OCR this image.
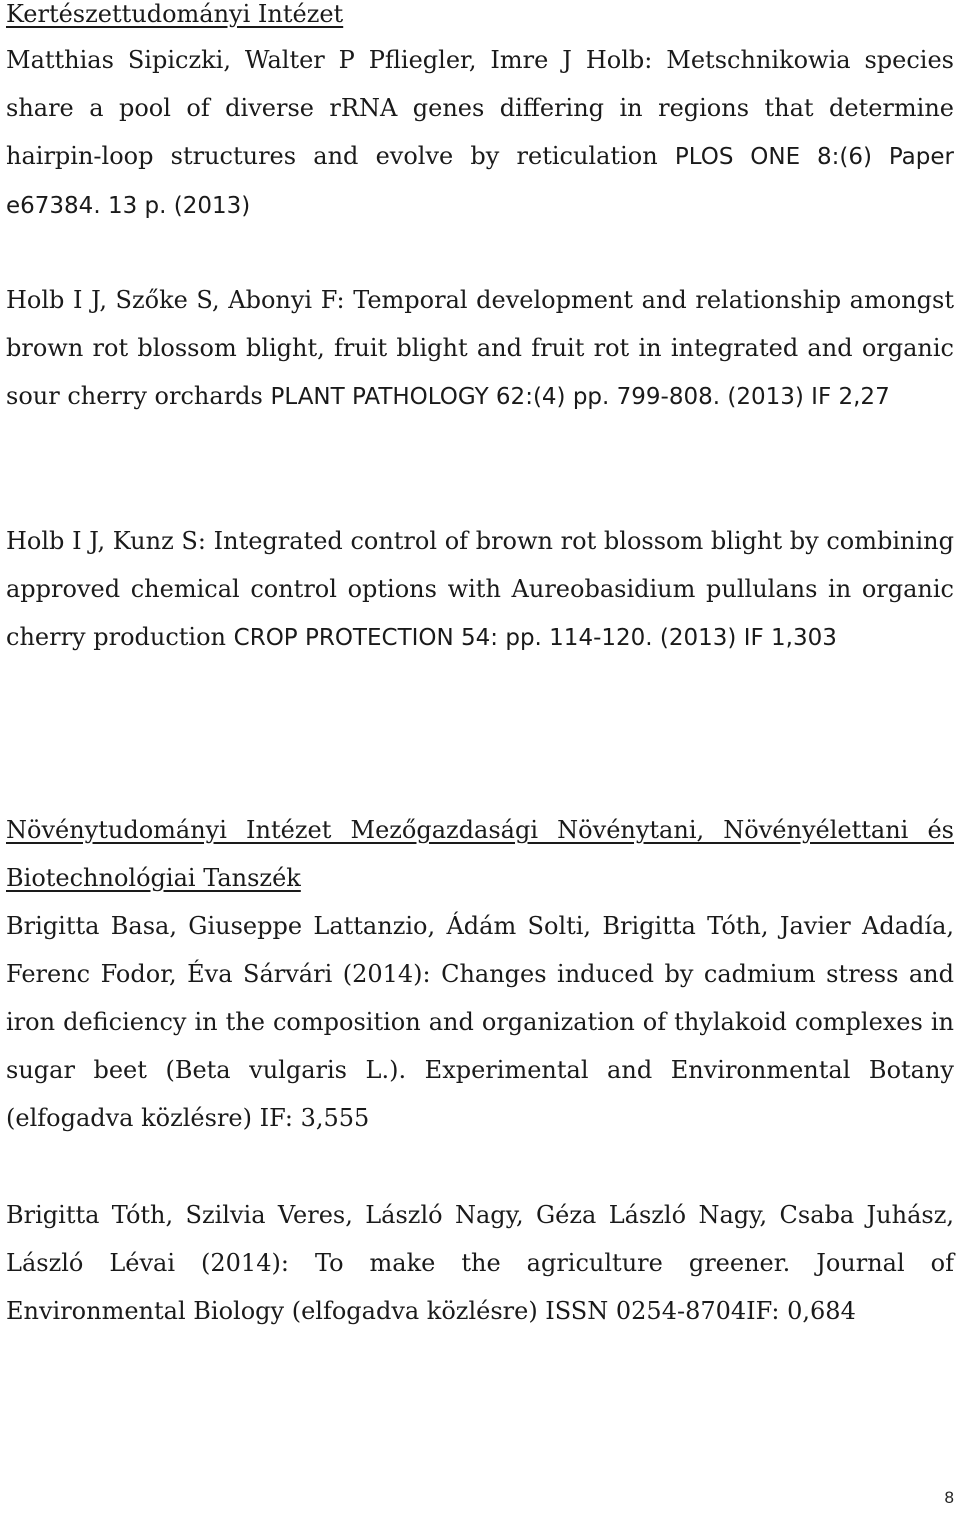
Kertészettudományi Intézet

Matthias Sipiczki, Walter P Pfliegler, Imre J Holb: Metschnikowia species share a pool of diverse rRNA genes differing in regions that determine hairpin-loop structures and evolve by reticulation PLOS ONE 8:(6) Paper e67384. 13 p. (2013)

Holb I J, Szőke S, Abonyi F: Temporal development and relationship amongst brown rot blossom blight, fruit blight and fruit rot in integrated and organic sour cherry orchards PLANT PATHOLOGY 62:(4) pp. 799-808. (2013) IF 2,27

Holb I J, Kunz S: Integrated control of brown rot blossom blight by combining approved chemical control options with Aureobasidium pullulans in organic cherry production CROP PROTECTION 54: pp. 114-120. (2013) IF 1,303

Növénytudományi Intézet Mezőgazdasági Növénytani, Növényélettani és Biotechnológiai Tanszék

Brigitta Basa, Giuseppe Lattanzio, Ádám Solti, Brigitta Tóth, Javier Adadía, Ferenc Fodor, Éva Sárvári (2014): Changes induced by cadmium stress and iron deficiency in the composition and organization of thylakoid complexes in sugar beet (Beta vulgaris L.). Experimental and Environmental Botany (elfogadva közlésre) IF: 3,555

Brigitta Tóth, Szilvia Veres, László Nagy, Géza László Nagy, Csaba Juhász, László Lévai (2014): To make the agriculture greener. Journal of Environmental Biology (elfogadva közlésre) ISSN 0254-8704IF: 0,684

8
